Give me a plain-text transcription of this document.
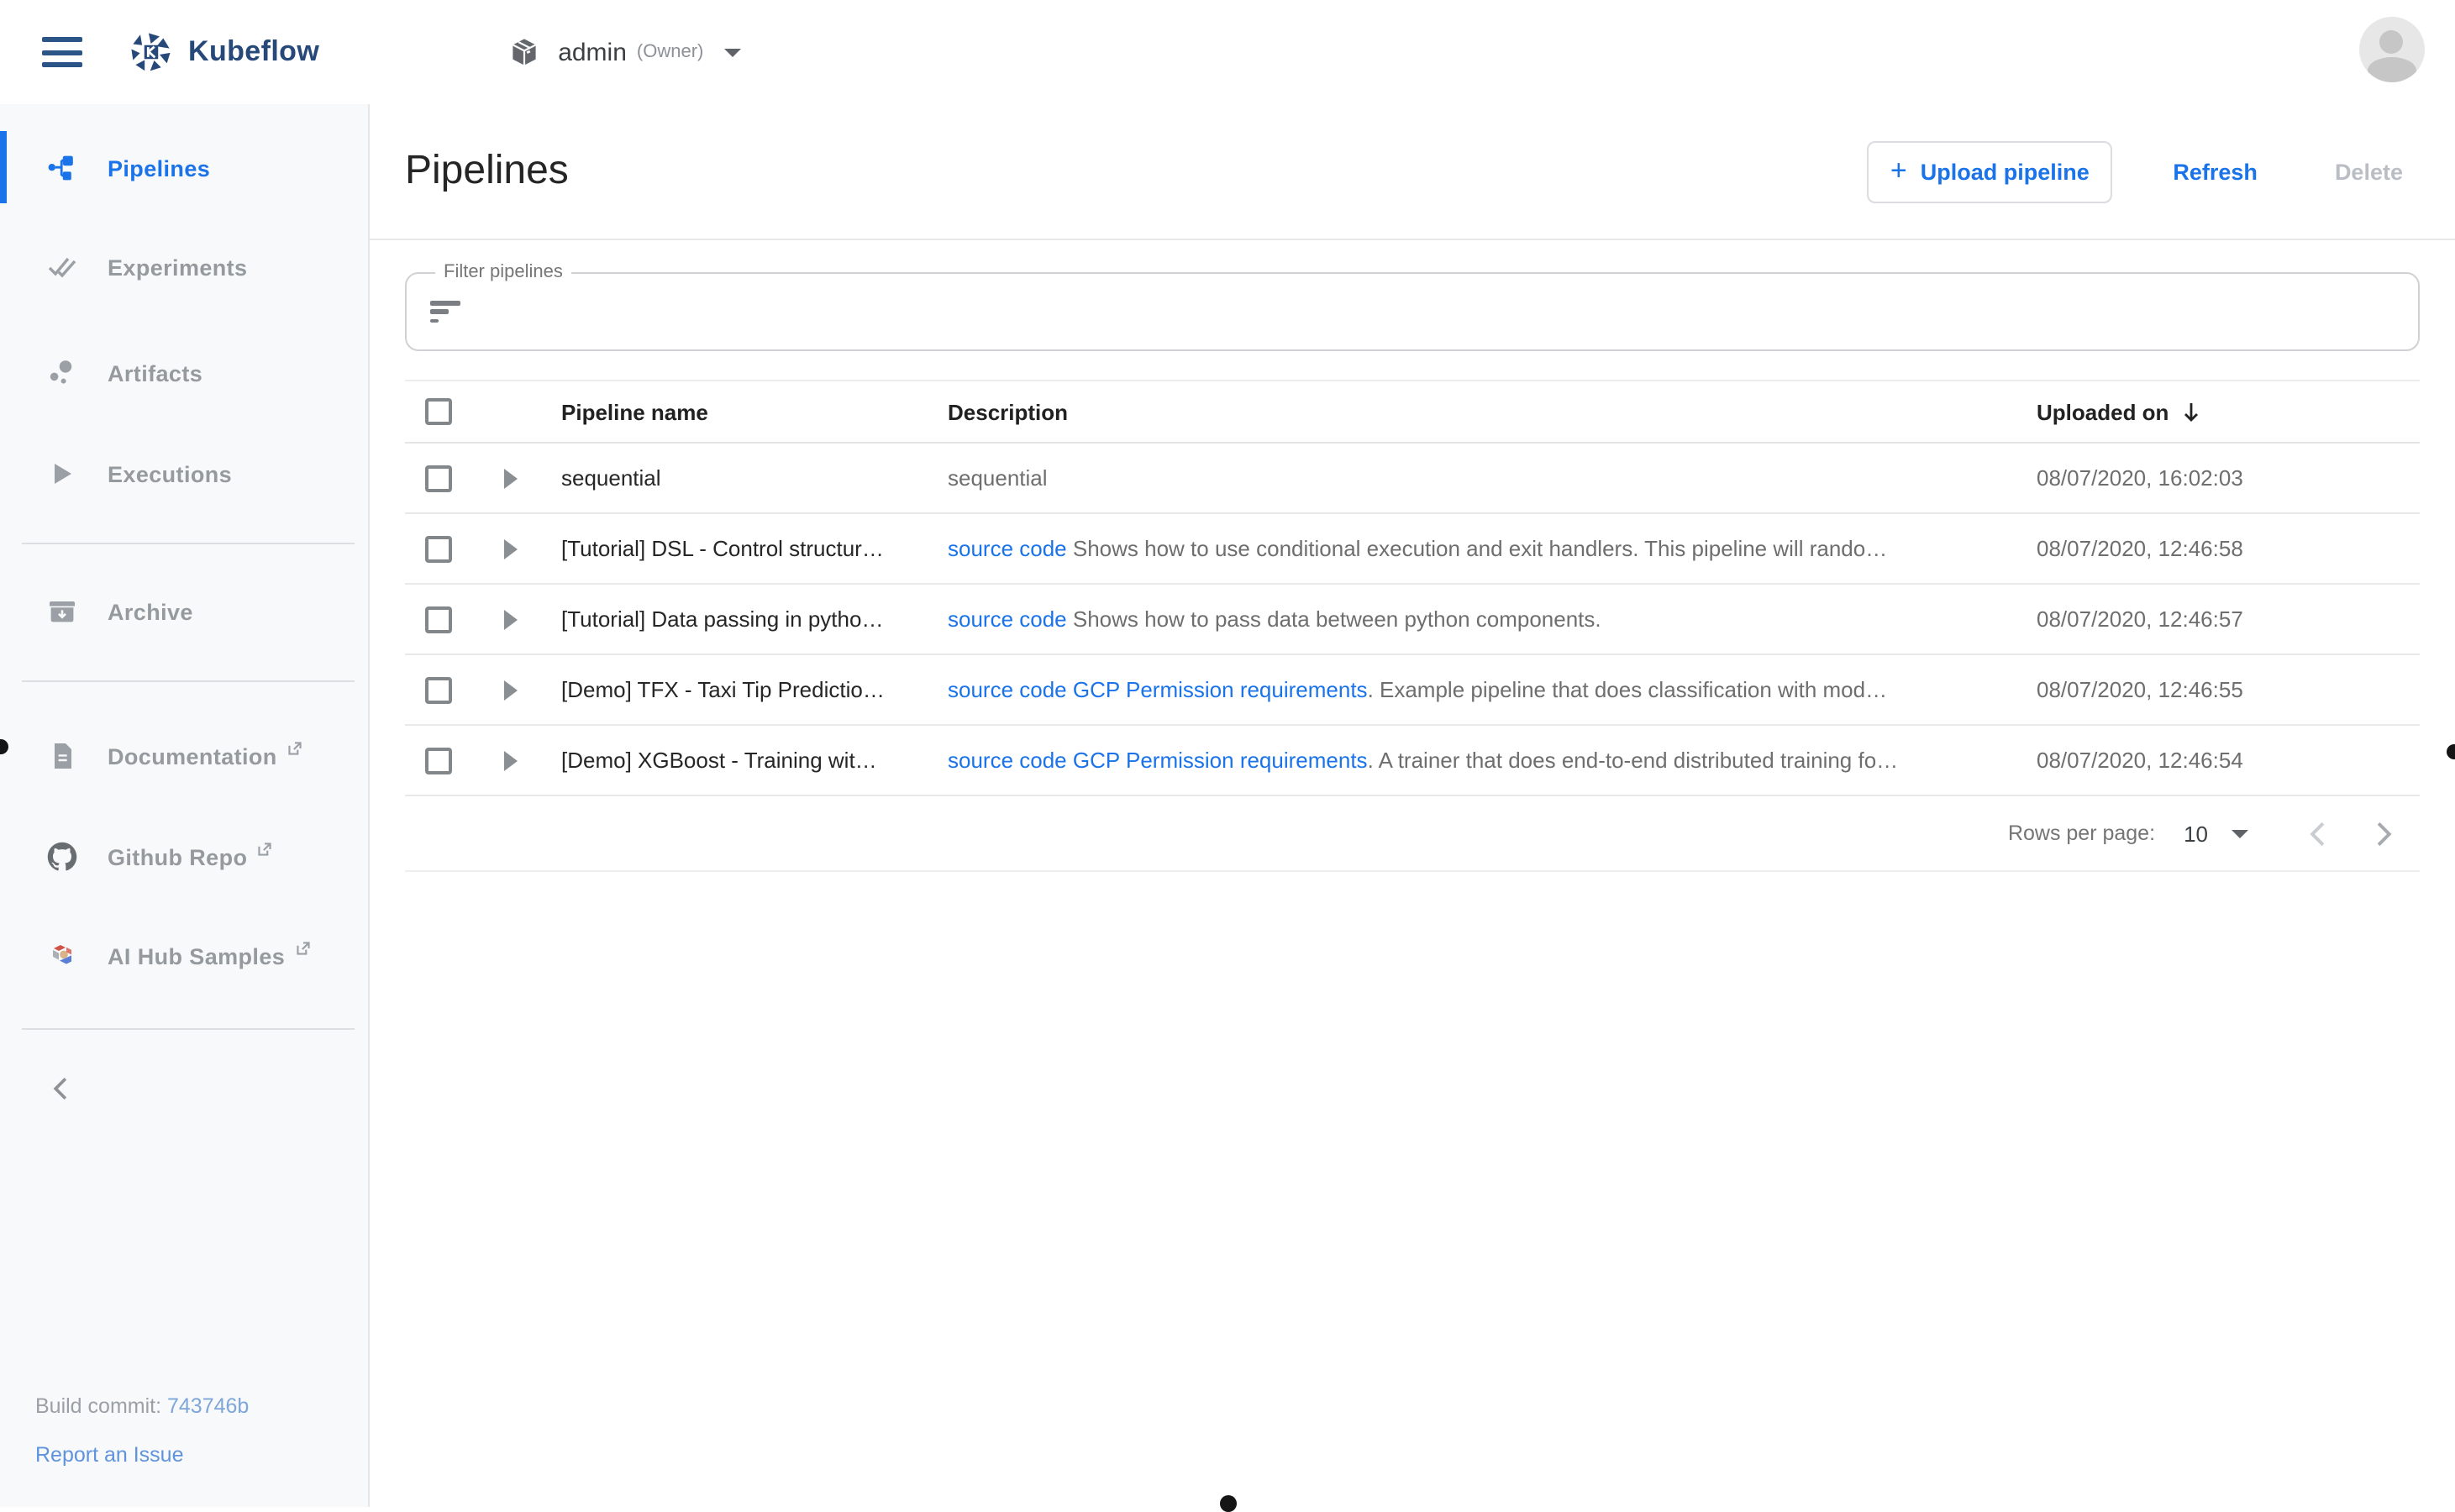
Kubeflow	admin (Owner)
Pipelines
Experiments
Artifacts
Executions
Archive
Documentation
Github Repo
AI Hub Samples
Build commit: 743746b
Report an Issue
Pipelines	+ Upload pipeline	Refresh	Delete
Filter pipelines
Pipeline name	Description	Uploaded on
sequential	sequential	08/07/2020, 16:02:03
[Tutorial] DSL - Control structur…	source code Shows how to use conditional execution and exit handlers. This pipeline will rando…	08/07/2020, 12:46:58
[Tutorial] Data passing in pytho…	source code Shows how to pass data between python components.	08/07/2020, 12:46:57
[Demo] TFX - Taxi Tip Predictio…	source code GCP Permission requirements. Example pipeline that does classification with mod…	08/07/2020, 12:46:55
[Demo] XGBoost - Training wit…	source code GCP Permission requirements. A trainer that does end-to-end distributed training fo…	08/07/2020, 12:46:54
Rows per page:	10
